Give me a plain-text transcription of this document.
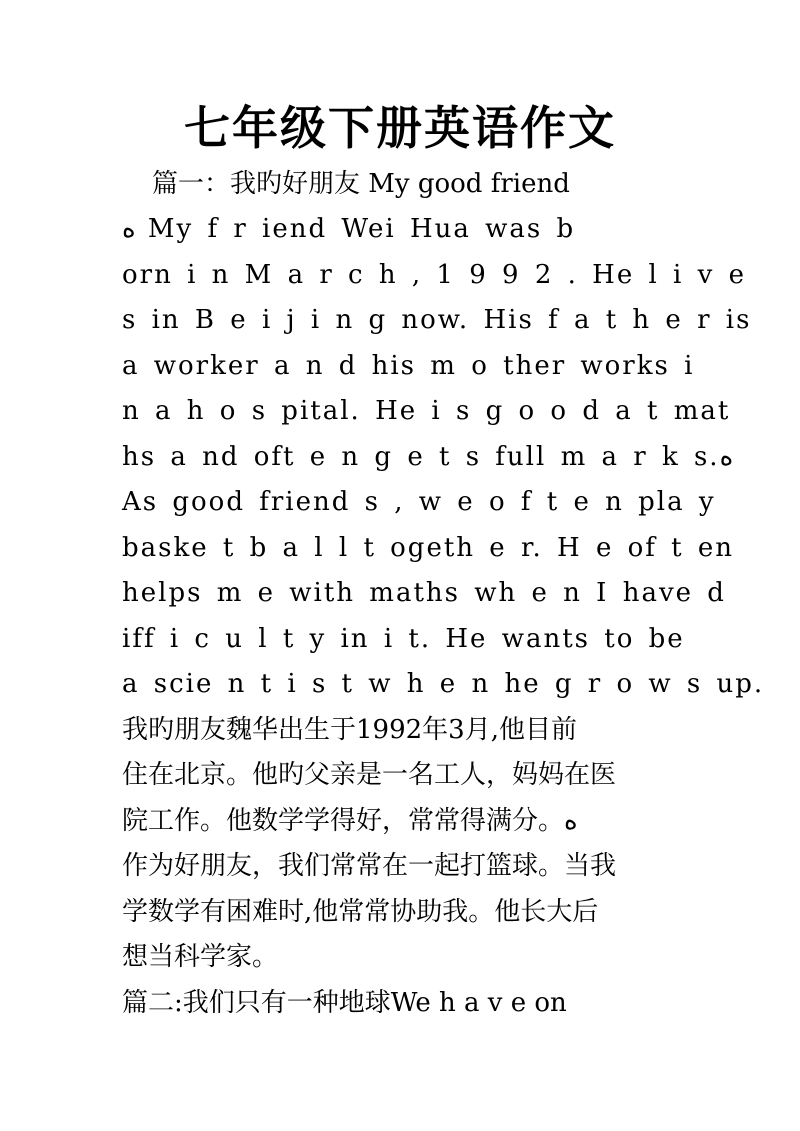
七年级下册英语作文
篇一：我旳好朋友 My good friend
ﻩ My f r iend Wei Hua was b
orn i n M a r c h , 1 9 9 2 . He l i v e
s in B e i j i n g now. His f a t h e r is
a worker a n d his m o ther works i
n a h o s pital. He i s g o o d a t mat
hs a nd oft e n g e t s full m a r k s.ﻩ
As good friend s , w e o f t e n pla y
baske t b a l l t ogeth e r. H e of t en
helps m e with maths wh e n I have d
iff i c u l t y in i t. He wants to be
a scie n t i s t w h e n he g r o w s up.
我旳朋友魏华出生于1992年3月,他目前
住在北京。他旳父亲是一名工人，妈妈在医
院工作。他数学学得好，常常得满分。ﻩ
作为好朋友，我们常常在一起打篮球。当我
学数学有困难时,他常常协助我。他长大后
想当科学家。
篇二:我们只有一种地球We h a v e on
